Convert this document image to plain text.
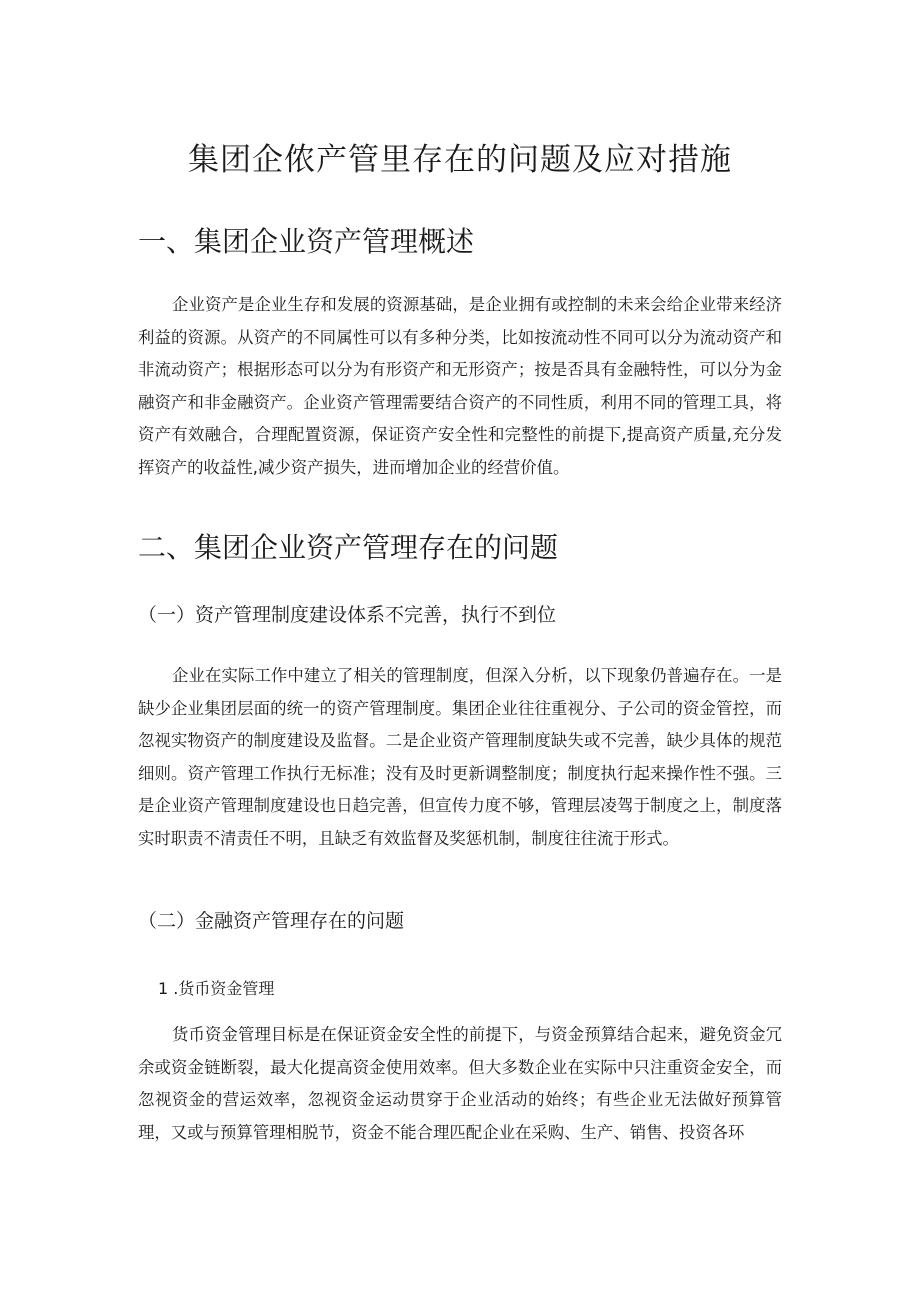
集团企侬产管里存在的问题及应对措施
一、集团企业资产管理概述

企业资产是企业生存和发展的资源基础，是企业拥有或控制的未来会给企业带来经济利益的资源。从资产的不同属性可以有多种分类，比如按流动性不同可以分为流动资产和非流动资产；根据形态可以分为有形资产和无形资产；按是否具有金融特性，可以分为金融资产和非金融资产。企业资产管理需要结合资产的不同性质，利用不同的管理工具，将资产有效融合，合理配置资源，保证资产安全性和完整性的前提下,提高资产质量,充分发挥资产的收益性,减少资产损失，进而增加企业的经营价值。

二、集团企业资产管理存在的问题
（一）资产管理制度建设体系不完善，执行不到位

企业在实际工作中建立了相关的管理制度，但深入分析，以下现象仍普遍存在。一是缺少企业集团层面的统一的资产管理制度。集团企业往往重视分、子公司的资金管控，而忽视实物资产的制度建设及监督。二是企业资产管理制度缺失或不完善，缺少具体的规范细则。资产管理工作执行无标准；没有及时更新调整制度；制度执行起来操作性不强。三是企业资产管理制度建设也日趋完善，但宣传力度不够，管理层凌驾于制度之上，制度落实时职责不清责任不明，且缺乏有效监督及奖惩机制，制度往往流于形式。

（二）金融资产管理存在的问题
1 .货币资金管理

货币资金管理目标是在保证资金安全性的前提下，与资金预算结合起来，避免资金冗余或资金链断裂，最大化提高资金使用效率。但大多数企业在实际中只注重资金安全，而忽视资金的营运效率，忽视资金运动贯穿于企业活动的始终；有些企业无法做好预算管理，又或与预算管理相脱节，资金不能合理匹配企业在采购、生产、销售、投资各环
